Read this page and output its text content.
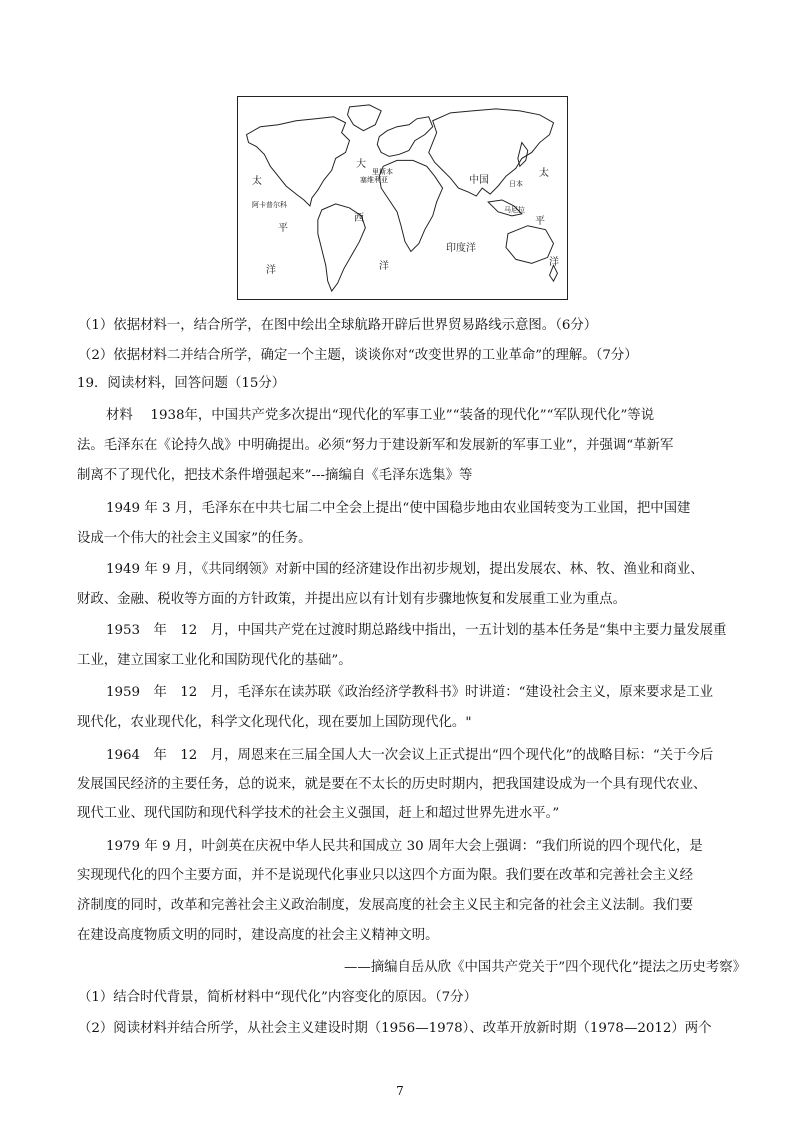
太
阿卡普尔科
平
洋
大
里斯本
塞维利亚
西
洋
中国	日本
马尼拉
太
平
洋
印度洋
（1）依据材料一，结合所学，在图中绘出全球航路开辟后世界贸易路线示意图。（6分）
（2）依据材料二并结合所学，确定一个主题，谈谈你对“改变世界的工业革命”的理解。（7分）
19．阅读材料，回答问题（15分）
材料　 1938年，中国共产党多次提出“现代化的军事工业”“装备的现代化”“军队现代化”等说
法。毛泽东在《论持久战》中明确提出。必须“努力于建设新军和发展新的军事工业”，并强调“革新军
制离不了现代化，把技术条件增强起来”---摘编自《毛泽东选集》等
1949 年 3 月，毛泽东在中共七届二中全会上提出“使中国稳步地由农业国转变为工业国，把中国建
设成一个伟大的社会主义国家”的任务。
1949 年 9 月，《共同纲领》对新中国的经济建设作出初步规划，提出发展农、林、牧、渔业和商业、
财政、金融、税收等方面的方针政策，并提出应以有计划有步骤地恢复和发展重工业为重点。
1953　年　12　月，中国共产党在过渡时期总路线中指出，一五计划的基本任务是“集中主要力量发展重
工业，建立国家工业化和国防现代化的基础”。
1959　年　12　月，毛泽东在读苏联《政治经济学教科书》时讲道：“建设社会主义，原来要求是工业
现代化，农业现代化，科学文化现代化，现在要加上国防现代化。"
1964　年　12　月，周恩来在三届全国人大一次会议上正式提出“四个现代化”的战略目标：“关于今后
发展国民经济的主要任务，总的说来，就是要在不太长的历史时期内，把我国建设成为一个具有现代农业、
现代工业、现代国防和现代科学技术的社会主义强国，赶上和超过世界先进水平。”
1979 年 9 月，叶剑英在庆祝中华人民共和国成立 30 周年大会上强调：“我们所说的四个现代化，是
实现现代化的四个主要方面，并不是说现代化事业只以这四个方面为限。我们要在改革和完善社会主义经
济制度的同时，改革和完善社会主义政治制度，发展高度的社会主义民主和完备的社会主义法制。我们要
在建设高度物质文明的同时，建设高度的社会主义精神文明。
——摘编自岳从欣《中国共产党关于”四个现代化”提法之历史考察》
（1）结合时代背景，简析材料中“现代化”内容变化的原因。（7分）
（2）阅读材料并结合所学，从社会主义建设时期（1956—1978）、改革开放新时期（1978—2012）两个
7
